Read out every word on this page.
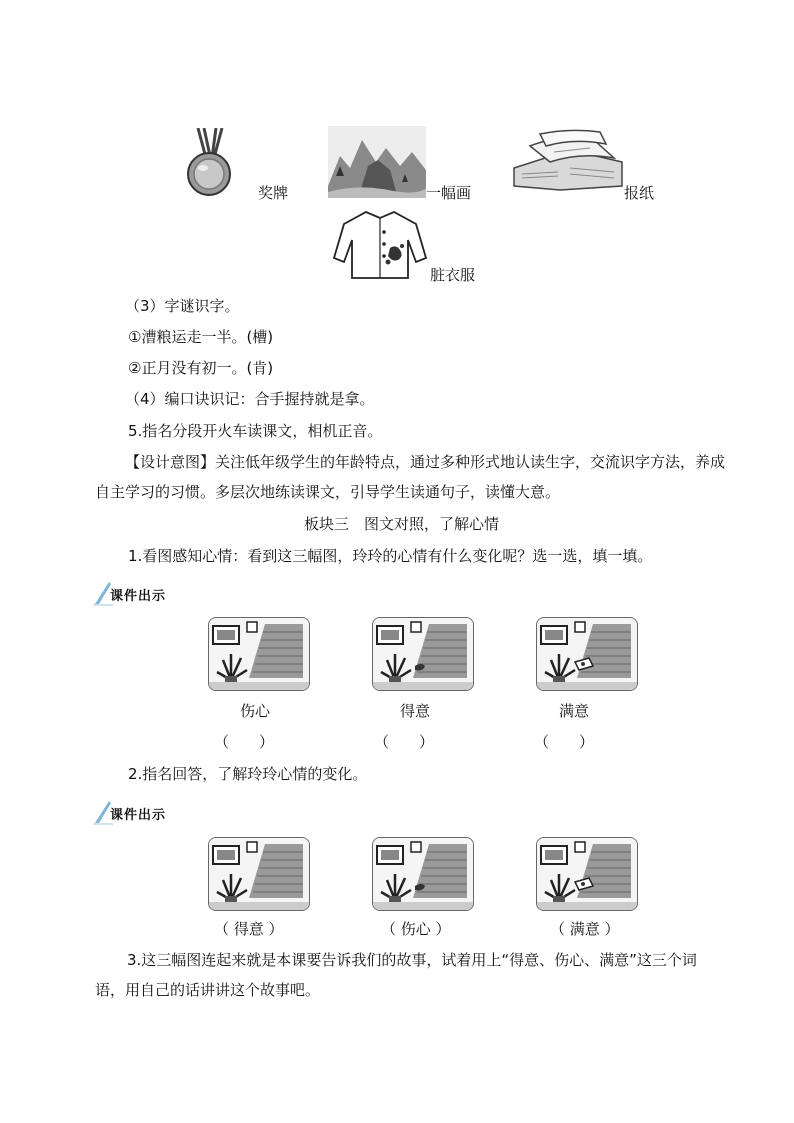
奖牌	一幅画	报纸
脏衣服
（3）字谜识字。
①漕粮运走一半。(槽)
②正月没有初一。(肯)
（4）编口诀识记：合手握持就是拿。
5.指名分段开火车读课文，相机正音。
【设计意图】关注低年级学生的年龄特点，通过多种形式地认读生字，交流识字方法，养成自主学习的习惯。多层次地练读课文，引导学生读通句子，读懂大意。
板块三　图文对照，了解心情
1.看图感知心情：看到这三幅图，玲玲的心情有什么变化呢？选一选，填一填。
课件出示
伤心	得意	满意
（　　）	（　　）	（　　）
2.指名回答，了解玲玲心情的变化。
课件出示
（ 得意 ）	（ 伤心 ）	（ 满意 ）
3.这三幅图连起来就是本课要告诉我们的故事，试着用上“得意、伤心、满意”这三个词语，用自己的话讲讲这个故事吧。
